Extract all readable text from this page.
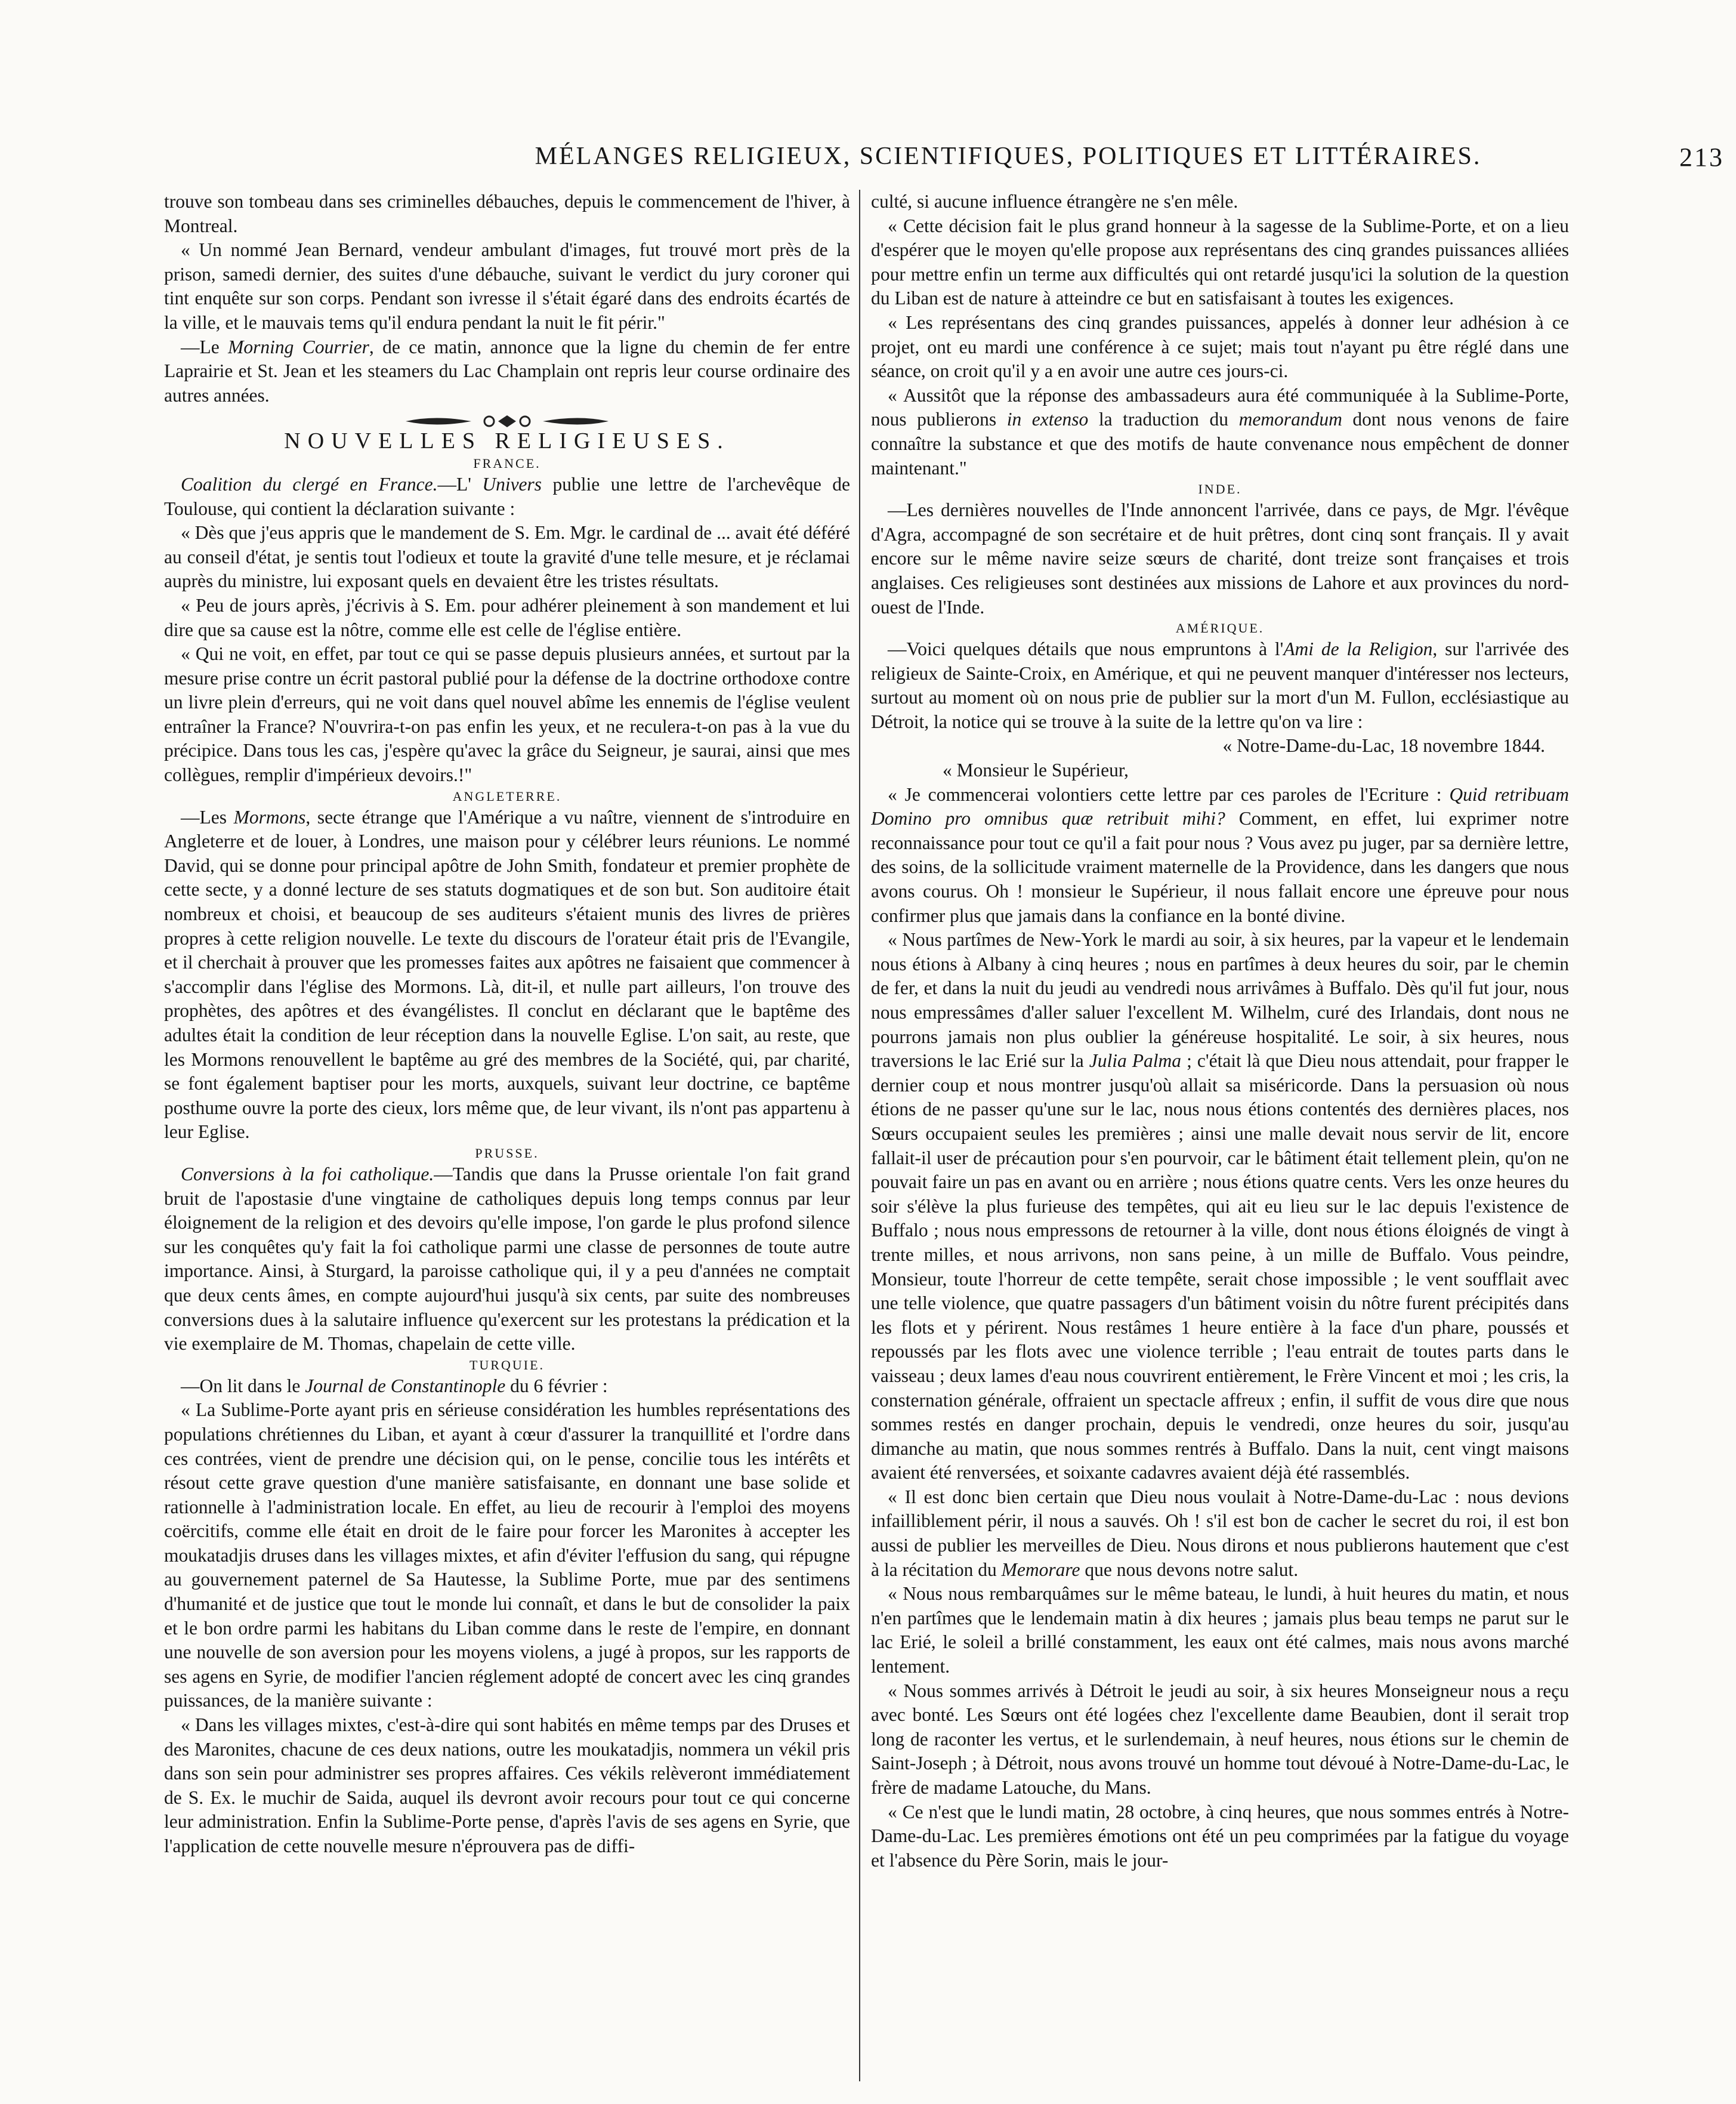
MÉLANGES RELIGIEUX, SCIENTIFIQUES, POLITIQUES ET LITTÉRAIRES.	213

trouve son tombeau dans ses criminelles débauches, depuis le commencement de l'hiver, à Montreal.

« Un nommé Jean Bernard, vendeur ambulant d'images, fut trouvé mort près de la prison, samedi dernier, des suites d'une débauche, suivant le verdict du jury coroner qui tint enquête sur son corps. Pendant son ivresse il s'était égaré dans des endroits écartés de la ville, et le mauvais tems qu'il endura pendant la nuit le fit périr."

—Le Morning Courrier, de ce matin, annonce que la ligne du chemin de fer entre Laprairie et St. Jean et les steamers du Lac Champlain ont repris leur course ordinaire des autres années.

NOUVELLES RELIGIEUSES.
FRANCE.

Coalition du clergé en France.—L' Univers publie une lettre de l'archevêque de Toulouse, qui contient la déclaration suivante :

« Dès que j'eus appris que le mandement de S. Em. Mgr. le cardinal de ... avait été déféré au conseil d'état, je sentis tout l'odieux et toute la gravité d'une telle mesure, et je réclamai auprès du ministre, lui exposant quels en devaient être les tristes résultats.

« Peu de jours après, j'écrivis à S. Em. pour adhérer pleinement à son mandement et lui dire que sa cause est la nôtre, comme elle est celle de l'église entière.

« Qui ne voit, en effet, par tout ce qui se passe depuis plusieurs années, et surtout par la mesure prise contre un écrit pastoral publié pour la défense de la doctrine orthodoxe contre un livre plein d'erreurs, qui ne voit dans quel nouvel abîme les ennemis de l'église veulent entraîner la France? N'ouvrira-t-on pas enfin les yeux, et ne reculera-t-on pas à la vue du précipice. Dans tous les cas, j'espère qu'avec la grâce du Seigneur, je saurai, ainsi que mes collègues, remplir d'impérieux devoirs.!"

ANGLETERRE.

—Les Mormons, secte étrange que l'Amérique a vu naître, viennent de s'introduire en Angleterre et de louer, à Londres, une maison pour y célébrer leurs réunions. Le nommé David, qui se donne pour principal apôtre de John Smith, fondateur et premier prophète de cette secte, y a donné lecture de ses statuts dogmatiques et de son but. Son auditoire était nombreux et choisi, et beaucoup de ses auditeurs s'étaient munis des livres de prières propres à cette religion nouvelle. Le texte du discours de l'orateur était pris de l'Evangile, et il cherchait à prouver que les promesses faites aux apôtres ne faisaient que commencer à s'accomplir dans l'église des Mormons. Là, dit-il, et nulle part ailleurs, l'on trouve des prophètes, des apôtres et des évangélistes. Il conclut en déclarant que le baptême des adultes était la condition de leur réception dans la nouvelle Eglise. L'on sait, au reste, que les Mormons renouvellent le baptême au gré des membres de la Société, qui, par charité, se font également baptiser pour les morts, auxquels, suivant leur doctrine, ce baptême posthume ouvre la porte des cieux, lors même que, de leur vivant, ils n'ont pas appartenu à leur Eglise.

PRUSSE.

Conversions à la foi catholique.—Tandis que dans la Prusse orientale l'on fait grand bruit de l'apostasie d'une vingtaine de catholiques depuis long temps connus par leur éloignement de la religion et des devoirs qu'elle impose, l'on garde le plus profond silence sur les conquêtes qu'y fait la foi catholique parmi une classe de personnes de toute autre importance. Ainsi, à Sturgard, la paroisse catholique qui, il y a peu d'années ne comptait que deux cents âmes, en compte aujourd'hui jusqu'à six cents, par suite des nombreuses conversions dues à la salutaire influence qu'exercent sur les protestans la prédication et la vie exemplaire de M. Thomas, chapelain de cette ville.

TURQUIE.

—On lit dans le Journal de Constantinople du 6 février :

« La Sublime-Porte ayant pris en sérieuse considération les humbles représentations des populations chrétiennes du Liban, et ayant à cœur d'assurer la tranquillité et l'ordre dans ces contrées, vient de prendre une décision qui, on le pense, concilie tous les intérêts et résout cette grave question d'une manière satisfaisante, en donnant une base solide et rationnelle à l'administration locale. En effet, au lieu de recourir à l'emploi des moyens coërcitifs, comme elle était en droit de le faire pour forcer les Maronites à accepter les moukatadjis druses dans les villages mixtes, et afin d'éviter l'effusion du sang, qui répugne au gouvernement paternel de Sa Hautesse, la Sublime Porte, mue par des sentimens d'humanité et de justice que tout le monde lui connaît, et dans le but de consolider la paix et le bon ordre parmi les habitans du Liban comme dans le reste de l'empire, en donnant une nouvelle de son aversion pour les moyens violens, a jugé à propos, sur les rapports de ses agens en Syrie, de modifier l'ancien réglement adopté de concert avec les cinq grandes puissances, de la manière suivante :

« Dans les villages mixtes, c'est-à-dire qui sont habités en même temps par des Druses et des Maronites, chacune de ces deux nations, outre les moukatadjis, nommera un vékil pris dans son sein pour administrer ses propres affaires. Ces vékils relèveront immédiatement de S. Ex. le muchir de Saida, auquel ils devront avoir recours pour tout ce qui concerne leur administration. Enfin la Sublime-Porte pense, d'après l'avis de ses agens en Syrie, que l'application de cette nouvelle mesure n'éprouvera pas de diffi-

culté, si aucune influence étrangère ne s'en mêle.

« Cette décision fait le plus grand honneur à la sagesse de la Sublime-Porte, et on a lieu d'espérer que le moyen qu'elle propose aux représentans des cinq grandes puissances alliées pour mettre enfin un terme aux difficultés qui ont retardé jusqu'ici la solution de la question du Liban est de nature à atteindre ce but en satisfaisant à toutes les exigences.

« Les représentans des cinq grandes puissances, appelés à donner leur adhésion à ce projet, ont eu mardi une conférence à ce sujet; mais tout n'ayant pu être réglé dans une séance, on croit qu'il y a en avoir une autre ces jours-ci.

« Aussitôt que la réponse des ambassadeurs aura été communiquée à la Sublime-Porte, nous publierons in extenso la traduction du memorandum dont nous venons de faire connaître la substance et que des motifs de haute convenance nous empêchent de donner maintenant."

INDE.

—Les dernières nouvelles de l'Inde annoncent l'arrivée, dans ce pays, de Mgr. l'évêque d'Agra, accompagné de son secrétaire et de huit prêtres, dont cinq sont français. Il y avait encore sur le même navire seize sœurs de charité, dont treize sont françaises et trois anglaises. Ces religieuses sont destinées aux missions de Lahore et aux provinces du nord-ouest de l'Inde.

AMÉRIQUE.

—Voici quelques détails que nous empruntons à l'Ami de la Religion, sur l'arrivée des religieux de Sainte-Croix, en Amérique, et qui ne peuvent manquer d'intéresser nos lecteurs, surtout au moment où on nous prie de publier sur la mort d'un M. Fullon, ecclésiastique au Détroit, la notice qui se trouve à la suite de la lettre qu'on va lire :

« Notre-Dame-du-Lac, 18 novembre 1844.

« Monsieur le Supérieur,

« Je commencerai volontiers cette lettre par ces paroles de l'Ecriture : Quid retribuam Domino pro omnibus quæ retribuit mihi? Comment, en effet, lui exprimer notre reconnaissance pour tout ce qu'il a fait pour nous ? Vous avez pu juger, par sa dernière lettre, des soins, de la sollicitude vraiment maternelle de la Providence, dans les dangers que nous avons courus. Oh ! monsieur le Supérieur, il nous fallait encore une épreuve pour nous confirmer plus que jamais dans la confiance en la bonté divine.

« Nous partîmes de New-York le mardi au soir, à six heures, par la vapeur et le lendemain nous étions à Albany à cinq heures ; nous en partîmes à deux heures du soir, par le chemin de fer, et dans la nuit du jeudi au vendredi nous arrivâmes à Buffalo. Dès qu'il fut jour, nous nous empressâmes d'aller saluer l'excellent M. Wilhelm, curé des Irlandais, dont nous ne pourrons jamais non plus oublier la généreuse hospitalité. Le soir, à six heures, nous traversions le lac Erié sur la Julia Palma ; c'était là que Dieu nous attendait, pour frapper le dernier coup et nous montrer jusqu'où allait sa miséricorde. Dans la persuasion où nous étions de ne passer qu'une sur le lac, nous nous étions contentés des dernières places, nos Sœurs occupaient seules les premières ; ainsi une malle devait nous servir de lit, encore fallait-il user de précaution pour s'en pourvoir, car le bâtiment était tellement plein, qu'on ne pouvait faire un pas en avant ou en arrière ; nous étions quatre cents. Vers les onze heures du soir s'élève la plus furieuse des tempêtes, qui ait eu lieu sur le lac depuis l'existence de Buffalo ; nous nous empressons de retourner à la ville, dont nous étions éloignés de vingt à trente milles, et nous arrivons, non sans peine, à un mille de Buffalo. Vous peindre, Monsieur, toute l'horreur de cette tempête, serait chose impossible ; le vent soufflait avec une telle violence, que quatre passagers d'un bâtiment voisin du nôtre furent précipités dans les flots et y périrent. Nous restâmes 1 heure entière à la face d'un phare, poussés et repoussés par les flots avec une violence terrible ; l'eau entrait de toutes parts dans le vaisseau ; deux lames d'eau nous couvrirent entièrement, le Frère Vincent et moi ; les cris, la consternation générale, offraient un spectacle affreux ; enfin, il suffit de vous dire que nous sommes restés en danger prochain, depuis le vendredi, onze heures du soir, jusqu'au dimanche au matin, que nous sommes rentrés à Buffalo. Dans la nuit, cent vingt maisons avaient été renversées, et soixante cadavres avaient déjà été rassemblés.

« Il est donc bien certain que Dieu nous voulait à Notre-Dame-du-Lac : nous devions infailliblement périr, il nous a sauvés. Oh ! s'il est bon de cacher le secret du roi, il est bon aussi de publier les merveilles de Dieu. Nous dirons et nous publierons hautement que c'est à la récitation du Memorare que nous devons notre salut.

« Nous nous rembarquâmes sur le même bateau, le lundi, à huit heures du matin, et nous n'en partîmes que le lendemain matin à dix heures ; jamais plus beau temps ne parut sur le lac Erié, le soleil a brillé constamment, les eaux ont été calmes, mais nous avons marché lentement.

« Nous sommes arrivés à Détroit le jeudi au soir, à six heures Monseigneur nous a reçu avec bonté. Les Sœurs ont été logées chez l'excellente dame Beaubien, dont il serait trop long de raconter les vertus, et le surlendemain, à neuf heures, nous étions sur le chemin de Saint-Joseph ; à Détroit, nous avons trouvé un homme tout dévoué à Notre-Dame-du-Lac, le frère de madame Latouche, du Mans.

« Ce n'est que le lundi matin, 28 octobre, à cinq heures, que nous sommes entrés à Notre-Dame-du-Lac. Les premières émotions ont été un peu comprimées par la fatigue du voyage et l'absence du Père Sorin, mais le jour-
